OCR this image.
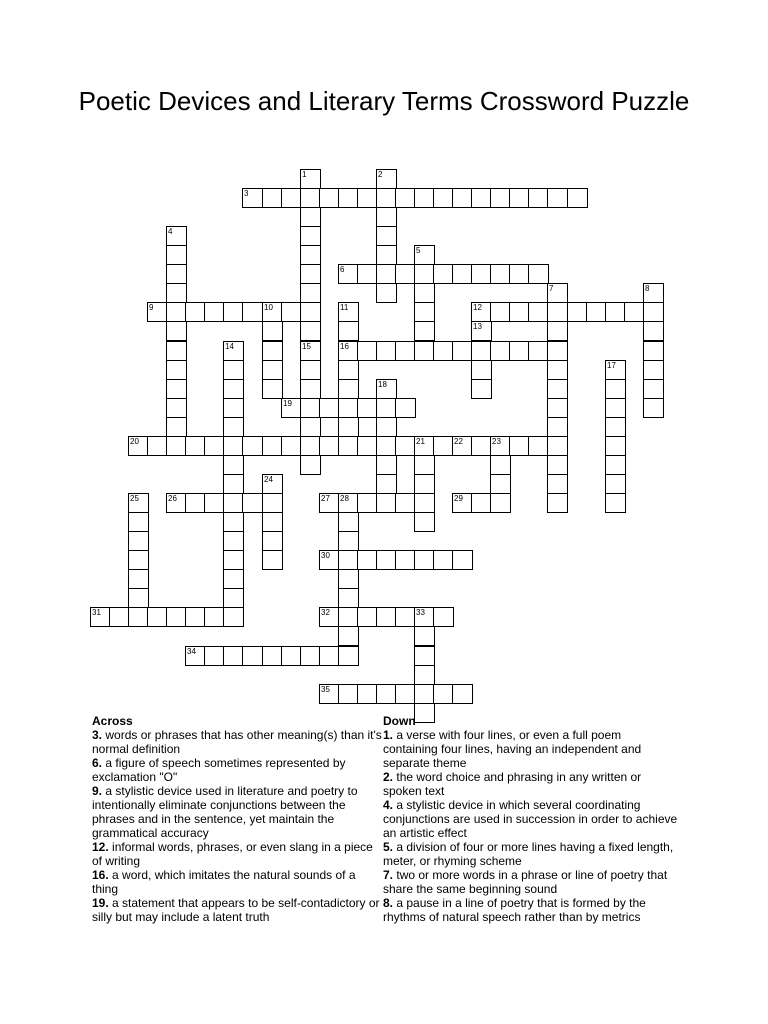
Poetic Devices and Literary Terms Crossword Puzzle
3
6
9	10	12
16
19
20	21	22	23
26	27 28	29
30
31	32	33
34
35
1
15
2
4
5
7	8
11
13
14
17
18
24
25
Across

3. words or phrases that has other meaning(s) than it's normal definition

6. a figure of speech sometimes represented by exclamation "O"

9. a stylistic device used in literature and poetry to intentionally eliminate conjunctions between the phrases and in the sentence, yet maintain the grammatical accuracy

12. informal words, phrases, or even slang in a piece of writing

16. a word, which imitates the natural sounds of a thing

19. a statement that appears to be self-contadictory or silly but may include a latent truth

Down

1. a verse with four lines, or even a full poem containing four lines, having an independent and separate theme

2. the word choice and phrasing in any written or spoken text

4. a stylistic device in which several coordinating conjunctions are used in succession in order to achieve an artistic effect

5. a division of four or more lines having a fixed length, meter, or rhyming scheme

7. two or more words in a phrase or line of poetry that share the same beginning sound

8. a pause in a line of poetry that is formed by the rhythms of natural speech rather than by metrics
